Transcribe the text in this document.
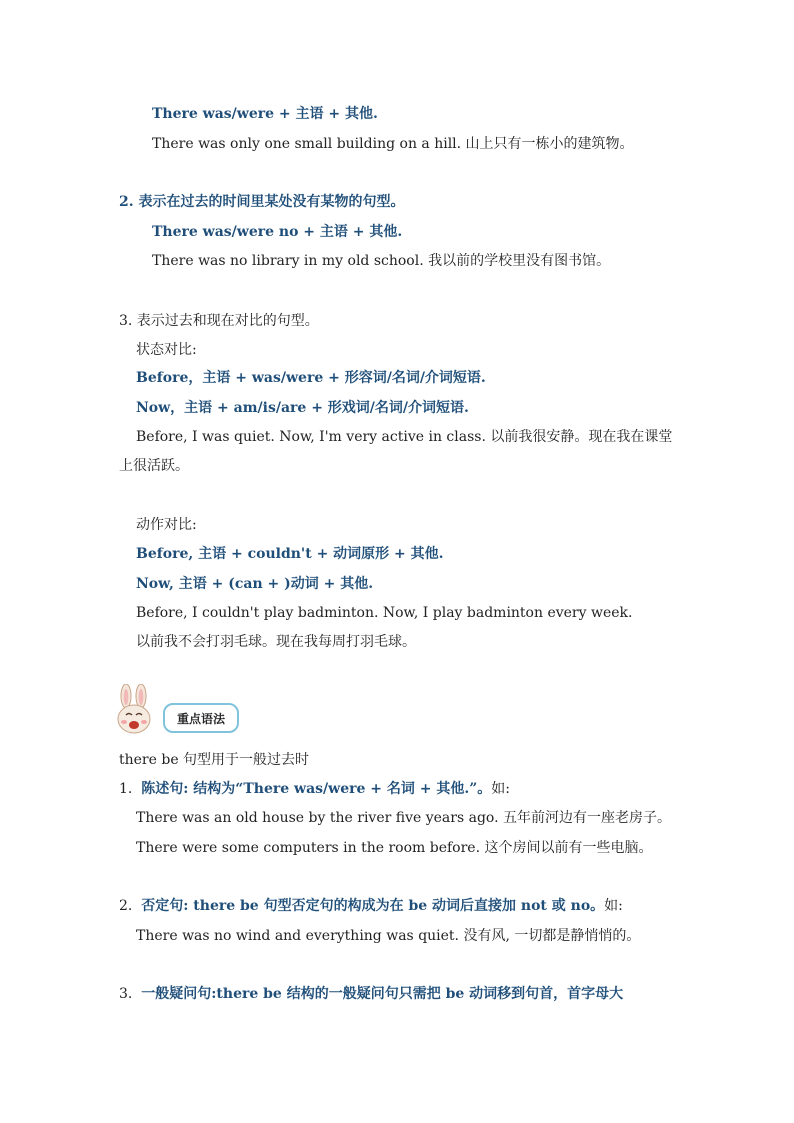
There was/were + 主语 + 其他.
There was only one small building on a hill. 山上只有一栋小的建筑物。
2. 表示在过去的时间里某处没有某物的句型。
There was/were no + 主语 + 其他.
There was no library in my old school. 我以前的学校里没有图书馆。
3. 表示过去和现在对比的句型。
状态对比:
Before，主语 + was/were + 形容词/名词/介词短语.
Now，主语 + am/is/are + 形戏词/名词/介词短语.
Before, I was quiet. Now, I'm very active in class. 以前我很安静。现在我在课堂
上很活跃。
动作对比:
Before, 主语 + couldn't + 动词原形 + 其他.
Now, 主语 + (can + )动词 + 其他.
Before, I couldn't play badminton. Now, I play badminton every week.
以前我不会打羽毛球。现在我每周打羽毛球。
重点语法
there be 句型用于一般过去时
1. 陈述句: 结构为“There was/were + 名词 + 其他.”。如:
There was an old house by the river five years ago. 五年前河边有一座老房子。
There were some computers in the room before. 这个房间以前有一些电脑。
2. 否定句: there be 句型否定句的构成为在 be 动词后直接加 not 或 no。如:
There was no wind and everything was quiet. 没有风, 一切都是静悄悄的。
3. 一般疑问句:there be 结构的一般疑问句只需把 be 动词移到句首，首字母大
